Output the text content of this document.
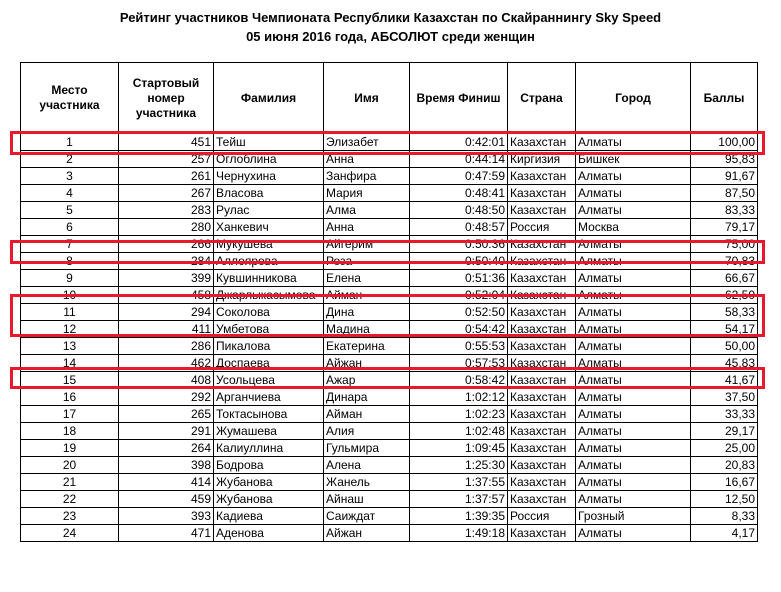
Рейтинг участников Чемпионата Республики Казахстан по Скайраннингу Sky Speed
05 июня 2016 года, АБСОЛЮТ среди женщин
Место участника	Стартовый номер участника	Фамилия	Имя	Время Финиш	Страна	Город	Баллы
1	451	Тейш	Элизабет	0:42:01	Казахстан	Алматы	100,00
2	257	Оглоблина	Анна	0:44:14	Киргизия	Бишкек	95,83
3	261	Чернухина	Занфира	0:47:59	Казахстан	Алматы	91,67
4	267	Власова	Мария	0:48:41	Казахстан	Алматы	87,50
5	283	Рулас	Алма	0:48:50	Казахстан	Алматы	83,33
6	280	Ханкевич	Анна	0:48:57	Россия	Москва	79,17
7	266	Мукушева	Айгерим	0:50:36	Казахстан	Алматы	75,00
8	284	Аллоярова	Роза	0:50:40	Казахстан	Алматы	70,83
9	399	Кувшинникова	Елена	0:51:36	Казахстан	Алматы	66,67
10	458	Джарлыкасымова	Айман	0:52:04	Казахстан	Алматы	62,50
11	294	Соколова	Дина	0:52:50	Казахстан	Алматы	58,33
12	411	Умбетова	Мадина	0:54:42	Казахстан	Алматы	54,17
13	286	Пикалова	Екатерина	0:55:53	Казахстан	Алматы	50,00
14	462	Доспаева	Айжан	0:57:53	Казахстан	Алматы	45,83
15	408	Усольцева	Ажар	0:58:42	Казахстан	Алматы	41,67
16	292	Арганчиева	Динара	1:02:12	Казахстан	Алматы	37,50
17	265	Токтасынова	Айман	1:02:23	Казахстан	Алматы	33,33
18	291	Жумашева	Алия	1:02:48	Казахстан	Алматы	29,17
19	264	Калиуллина	Гульмира	1:09:45	Казахстан	Алматы	25,00
20	398	Бодрова	Алена	1:25:30	Казахстан	Алматы	20,83
21	414	Жубанова	Жанель	1:37:55	Казахстан	Алматы	16,67
22	459	Жубанова	Айнаш	1:37:57	Казахстан	Алматы	12,50
23	393	Кадиева	Саиждат	1:39:35	Россия	Грозный	8,33
24	471	Аденова	Айжан	1:49:18	Казахстан	Алматы	4,17
